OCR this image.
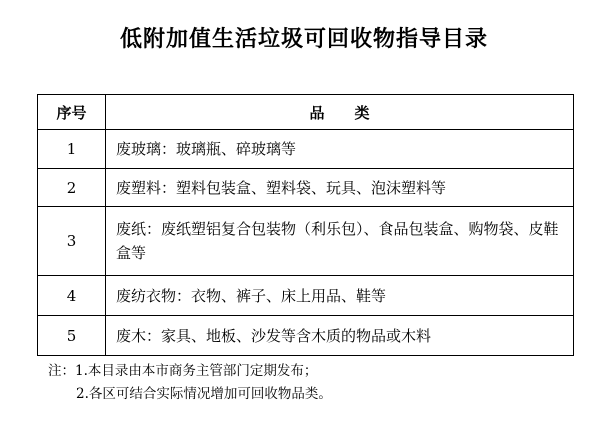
低附加值生活垃圾可回收物指导目录
序号	品　　类
1	废玻璃：玻璃瓶、碎玻璃等
2	废塑料：塑料包装盒、塑料袋、玩具、泡沫塑料等
3	废纸：废纸塑铝复合包装物（利乐包）、食品包装盒、购物袋、皮鞋盒等
4	废纺衣物：衣物、裤子、床上用品、鞋等
5	废木：家具、地板、沙发等含木质的物品或木料
注：1.本目录由本市商务主管部门定期发布；
2.各区可结合实际情况增加可回收物品类。
